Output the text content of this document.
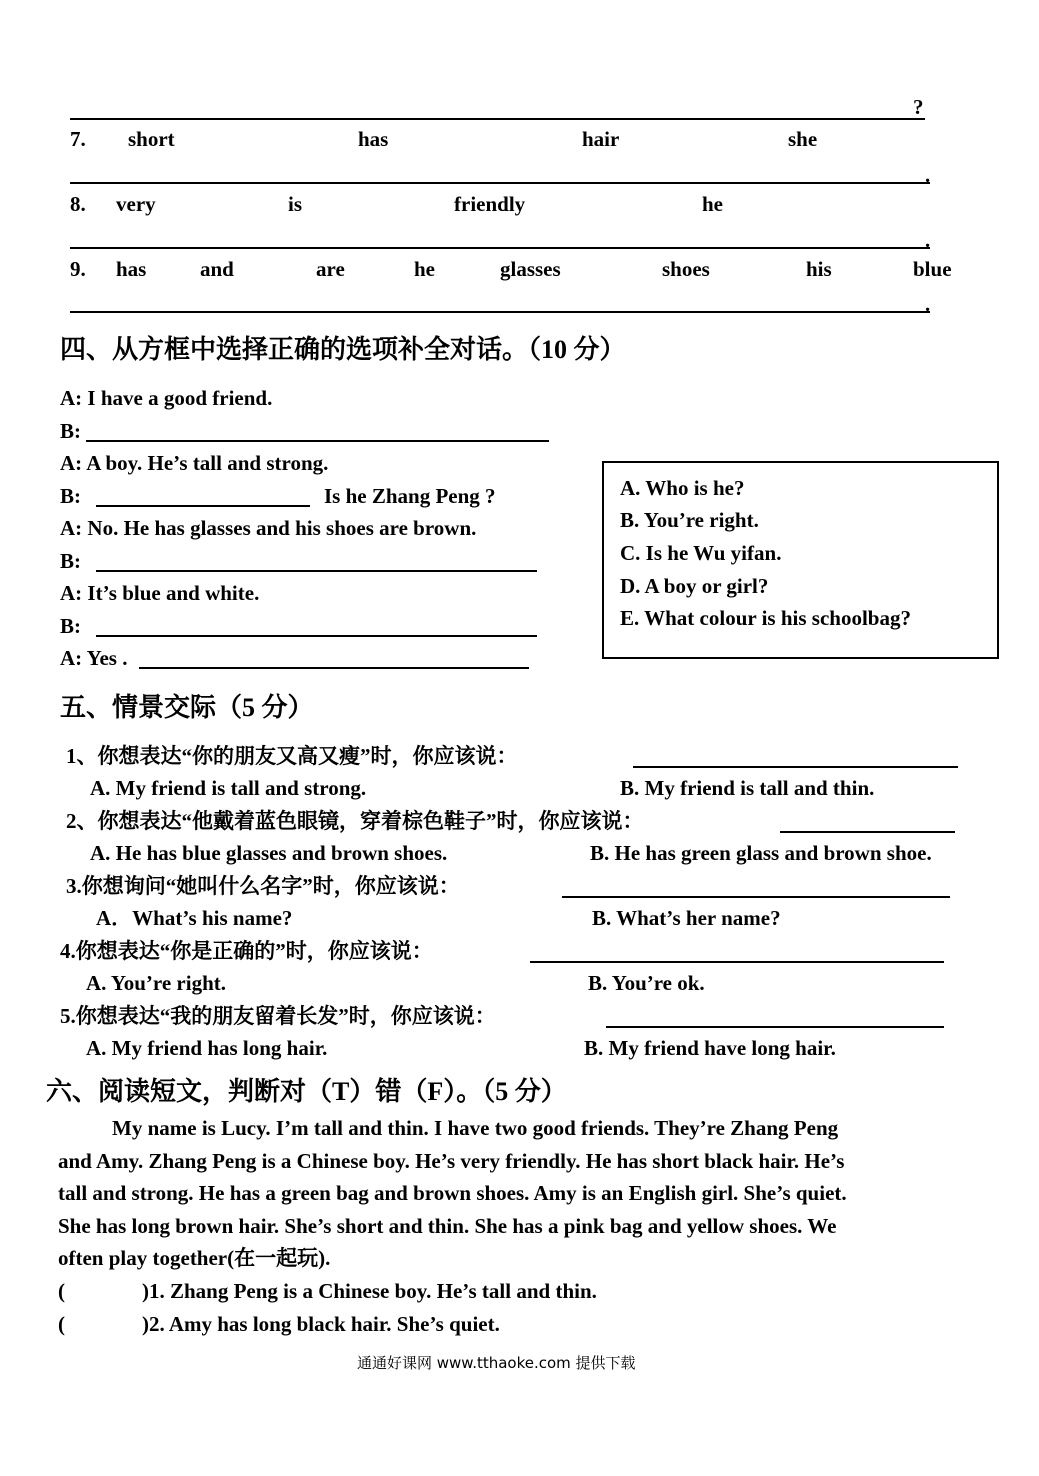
?
7. short	has	hair	she
.
8. very	is	friendly	he
.
9. has	and	are	he	glasses	shoes	his	blue
.
四、从方框中选择正确的选项补全对话。（10 分）
A: I have a good friend.
B:
A: A boy. He’s tall and strong.
B:	Is he Zhang Peng ?
A: No. He has glasses and his shoes are brown.
B:
A: It’s blue and white.
B:
A: Yes .
A. Who is he?
B. You’re right.
C. Is he Wu yifan.
D. A boy or girl?
E. What colour is his schoolbag?
五、情景交际（5 分）
1、你想表达“你的朋友又高又瘦”时，你应该说：
A. My friend is tall and strong.	B. My friend is tall and thin.
2、你想表达“他戴着蓝色眼镜，穿着棕色鞋子”时，你应该说：
A. He has blue glasses and brown shoes.	B. He has green glass and brown shoe.
3.你想询问“她叫什么名字”时，你应该说：
A．What’s his name?	B. What’s her name?
4.你想表达“你是正确的”时，你应该说：
A. You’re right.	B. You’re ok.
5.你想表达“我的朋友留着长发”时，你应该说：
A. My friend has long hair.	B. My friend have long hair.
六、阅读短文，判断对（T）错（F）。（5 分）
My name is Lucy. I’m tall and thin. I have two good friends. They’re Zhang Peng
and Amy. Zhang Peng is a Chinese boy. He’s very friendly. He has short black hair. He’s
tall and strong. He has a green bag and brown shoes. Amy is an English girl. She’s quiet.
She has long brown hair. She’s short and thin. She has a pink bag and yellow shoes. We
often play together(在一起玩).
(	)1. Zhang Peng is a Chinese boy. He’s tall and thin.
(	)2. Amy has long black hair. She’s quiet.
通通好课网 www.tthaoke.com 提供下载
